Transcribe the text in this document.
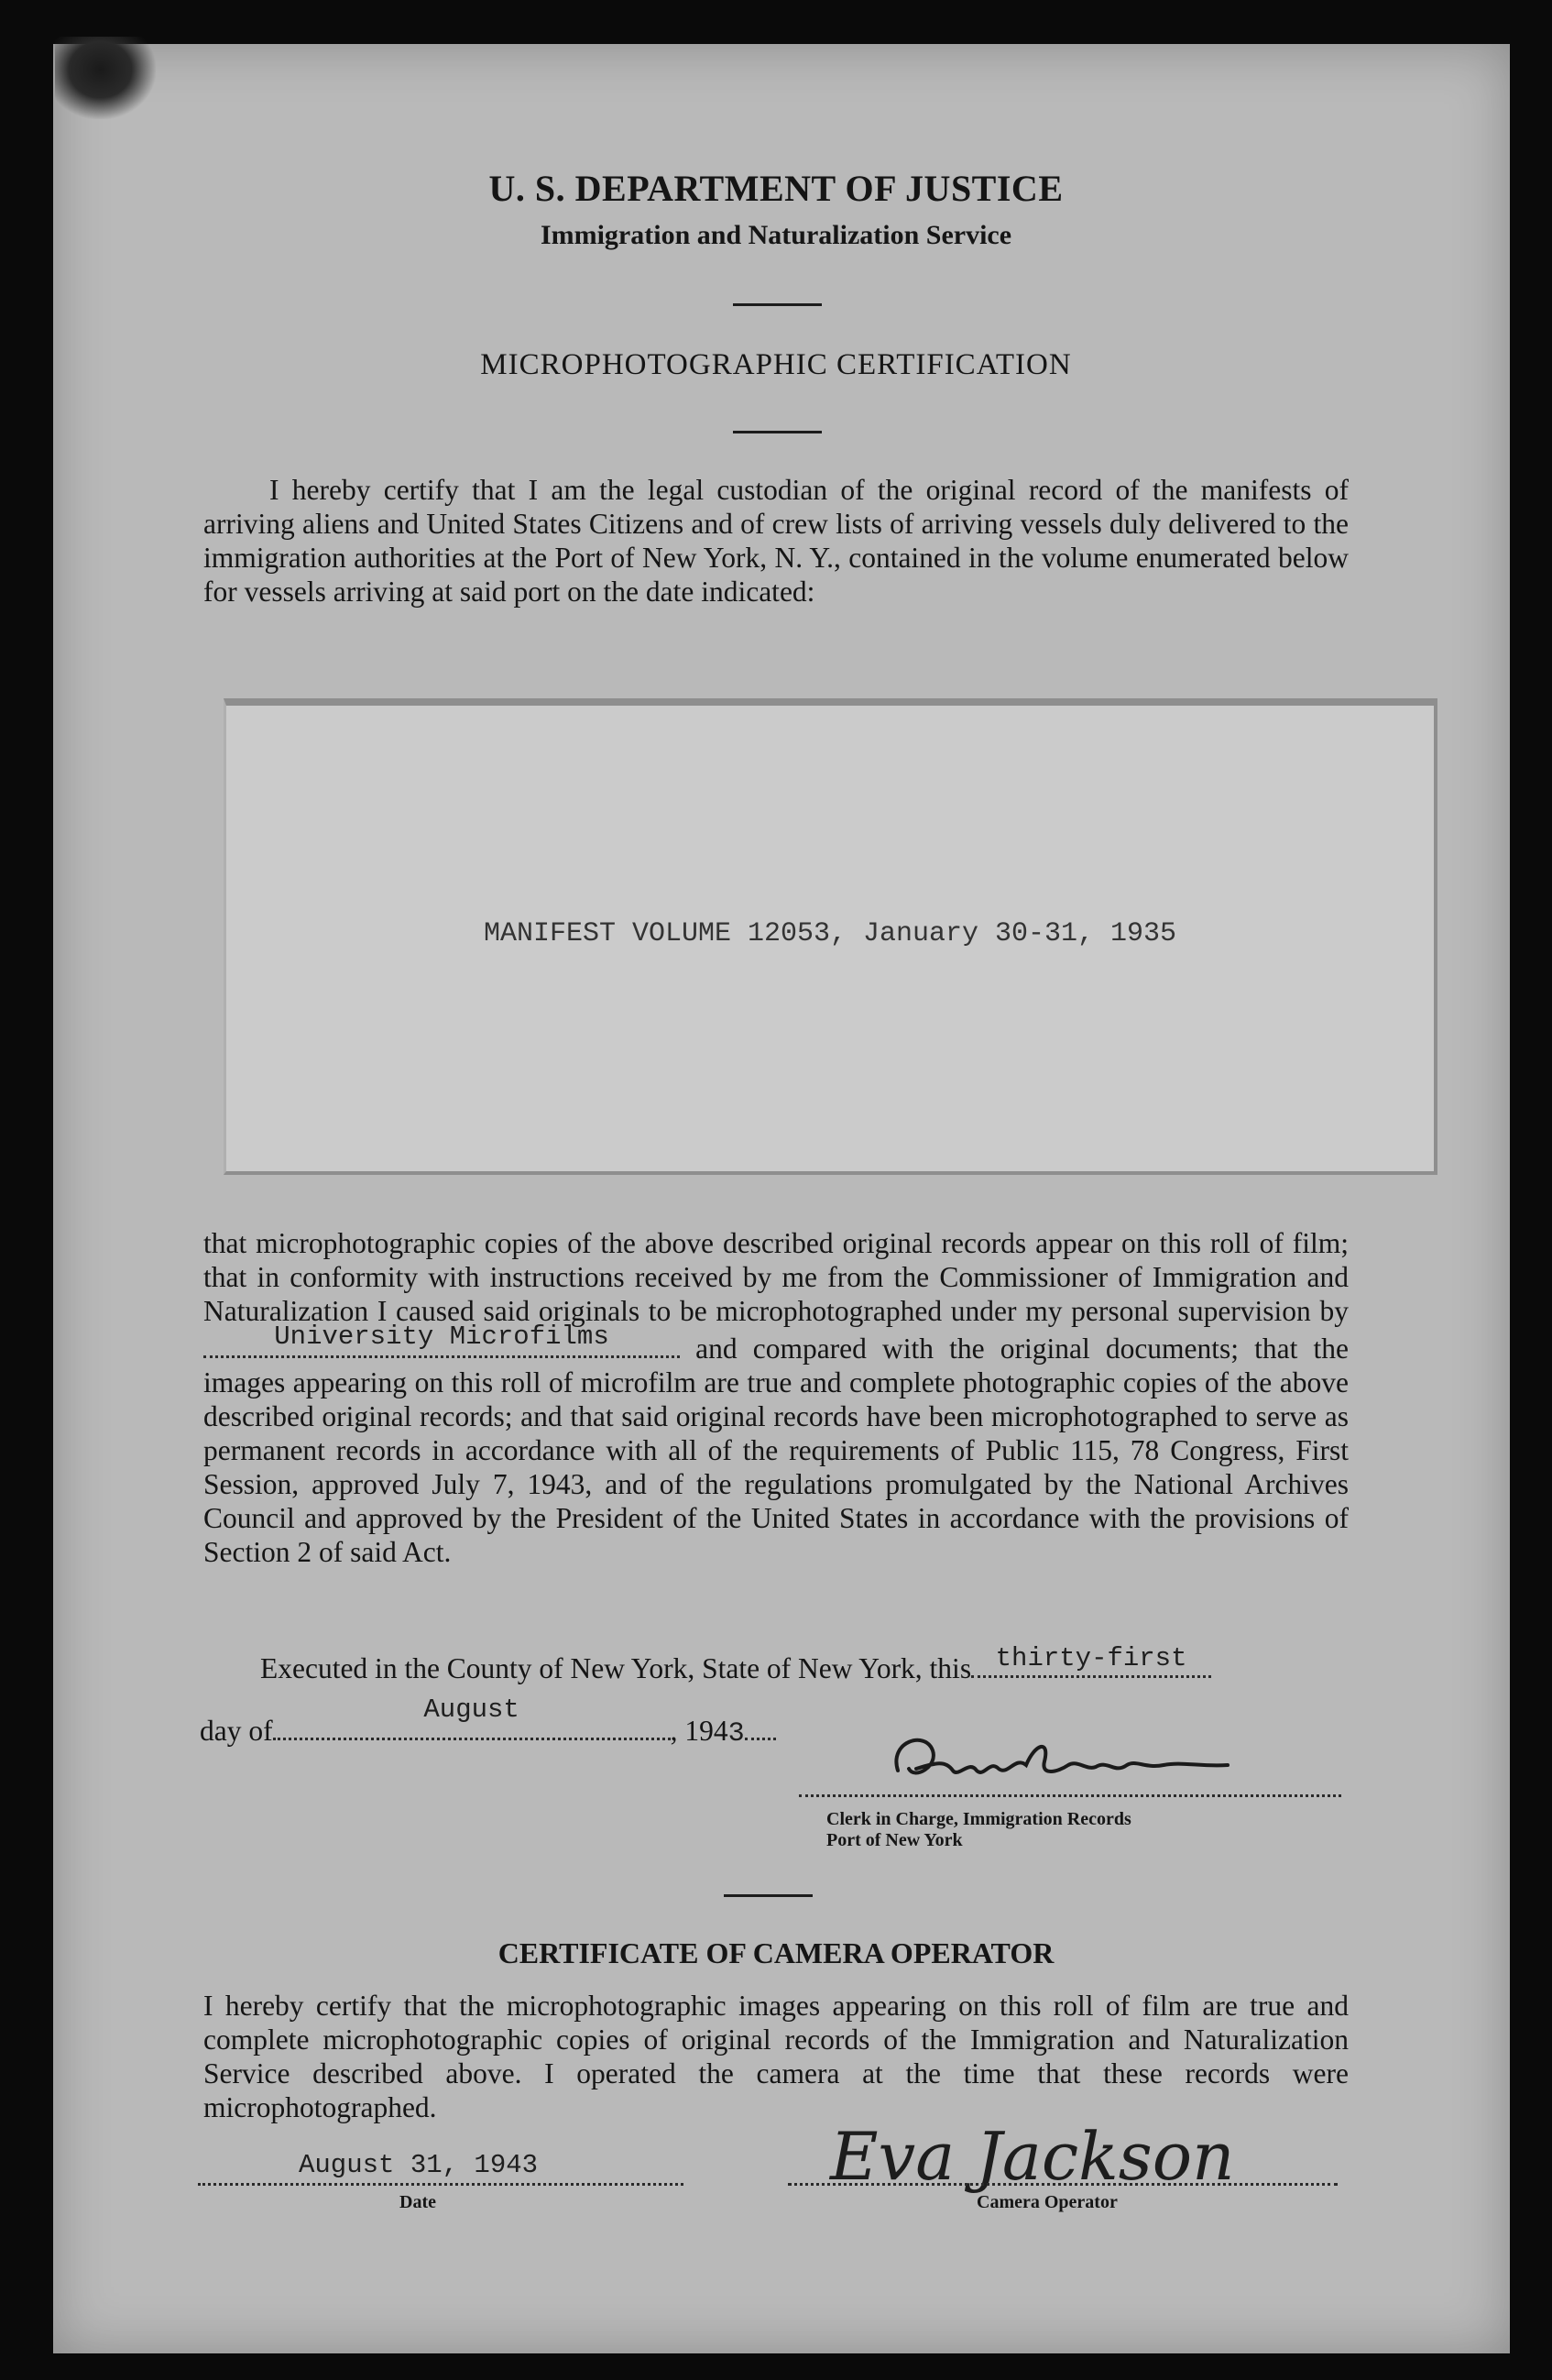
U. S. DEPARTMENT OF JUSTICE
Immigration and Naturalization Service
MICROPHOTOGRAPHIC CERTIFICATION
I hereby certify that I am the legal custodian of the original record of the manifests of arriving aliens and United States Citizens and of crew lists of arriving vessels duly delivered to the immigration authorities at the Port of New York, N. Y., contained in the volume enumerated below for vessels arriving at said port on the date indicated:
MANIFEST VOLUME 12053, January 30-31, 1935
that microphotographic copies of the above described original records appear on this roll of film; that in conformity with instructions received by me from the Commissioner of Immigration and Naturalization I caused said originals to be microphotographed under my personal supervision by
University Microfilms	and compared with the original documents; that the images appearing on this roll of microfilm are true and complete photographic copies of the above described original records; and that said original records have been microphotographed to serve as permanent records in accordance with all of the requirements of Public 115, 78 Congress, First Session, approved July 7, 1943, and of the regulations promulgated by the National Archives Council and approved by the President of the United States in accordance with the provisions of Section 2 of said Act.
Executed in the County of New York, State of New York, this thirty-first
day of
August
, 1943
Clerk in Charge, Immigration Records
Port of New York
CERTIFICATE OF CAMERA OPERATOR
I hereby certify that the microphotographic images appearing on this roll of film are true and complete microphotographic copies of original records of the Immigration and Naturalization Service described above. I operated the camera at the time that these records were microphotographed.
August 31, 1943
Date
Eva Jackson
Camera Operator
